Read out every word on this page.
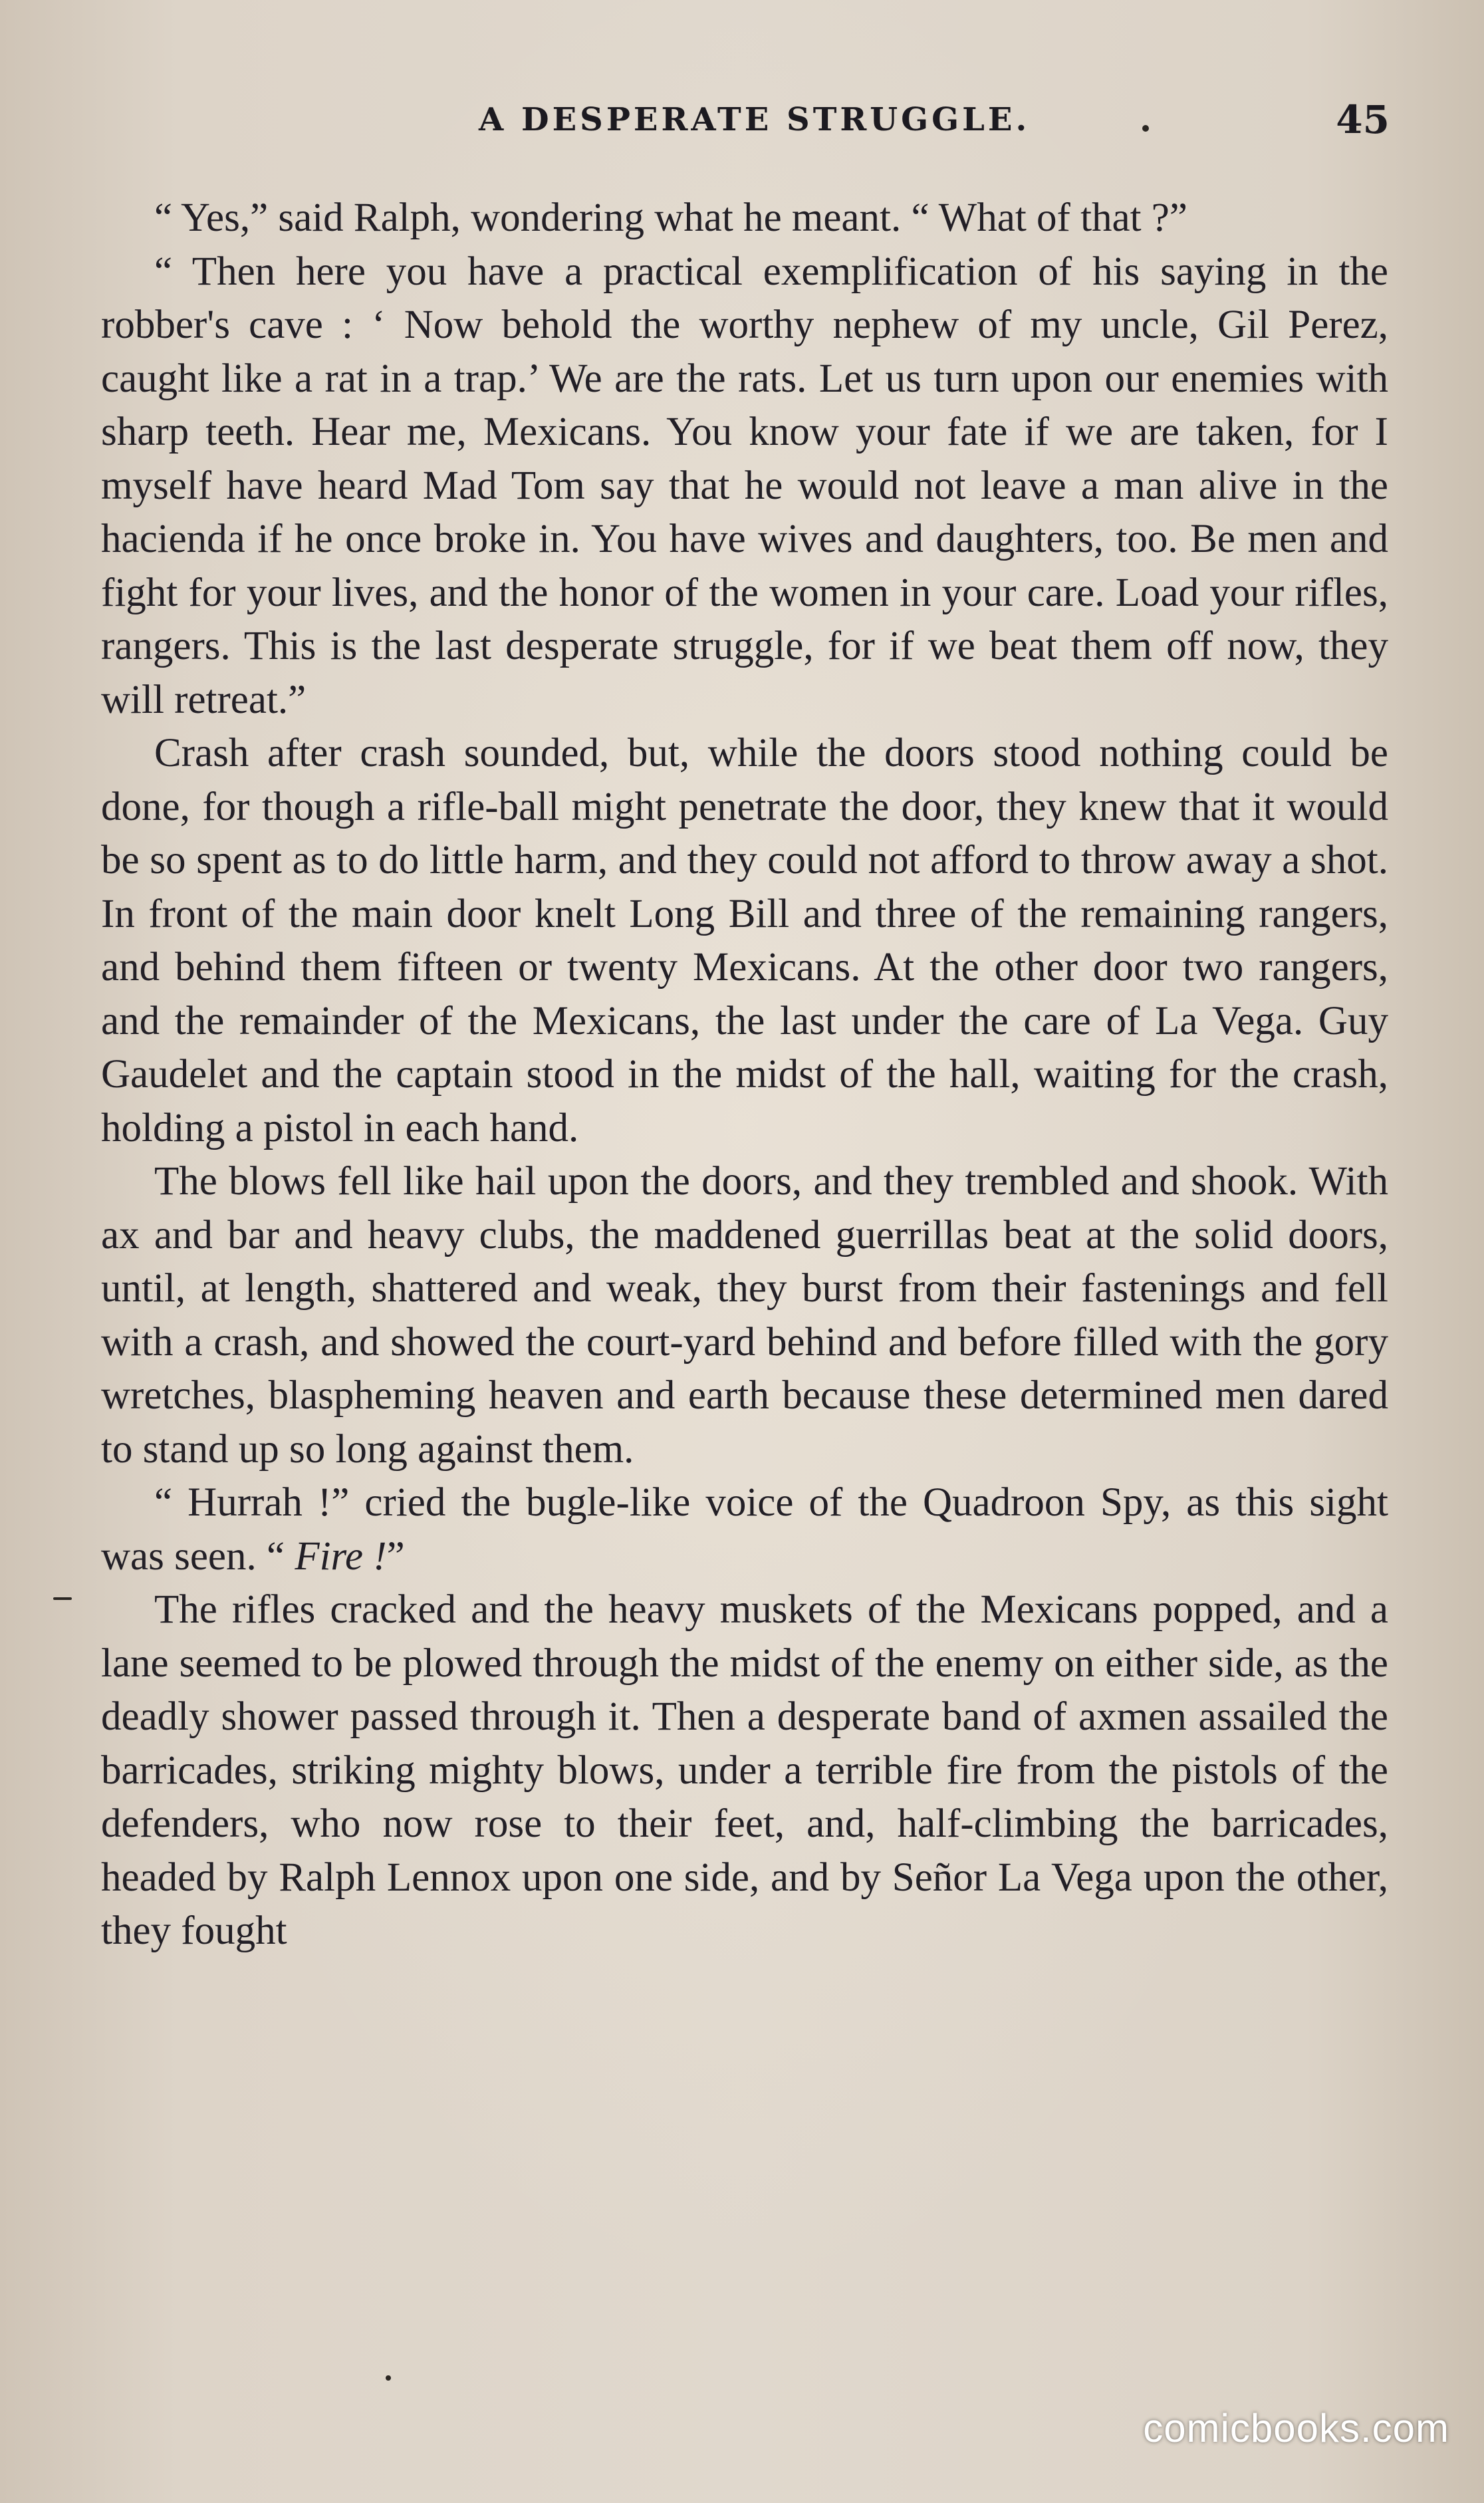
A DESPERATE STRUGGLE.	45

“ Yes,” said Ralph, wondering what he meant. “ What of that ?”

“ Then here you have a practical exemplification of his saying in the robber's cave : ‘ Now behold the worthy nephew of my uncle, Gil Perez, caught like a rat in a trap.’ We are the rats. Let us turn upon our enemies with sharp teeth. Hear me, Mexicans. You know your fate if we are taken, for I myself have heard Mad Tom say that he would not leave a man alive in the hacienda if he once broke in. You have wives and daughters, too. Be men and fight for your lives, and the honor of the women in your care. Load your rifles, rangers. This is the last desperate struggle, for if we beat them off now, they will retreat.”

Crash after crash sounded, but, while the doors stood nothing could be done, for though a rifle-ball might penetrate the door, they knew that it would be so spent as to do little harm, and they could not afford to throw away a shot. In front of the main door knelt Long Bill and three of the remaining rangers, and behind them fifteen or twenty Mexicans. At the other door two rangers, and the remainder of the Mexicans, the last under the care of La Vega. Guy Gaudelet and the captain stood in the midst of the hall, waiting for the crash, holding a pistol in each hand.

The blows fell like hail upon the doors, and they trembled and shook. With ax and bar and heavy clubs, the maddened guerrillas beat at the solid doors, until, at length, shattered and weak, they burst from their fastenings and fell with a crash, and showed the court-yard behind and before filled with the gory wretches, blaspheming heaven and earth because these determined men dared to stand up so long against them.

“ Hurrah !” cried the bugle-like voice of the Quadroon Spy, as this sight was seen. “ Fire !”

The rifles cracked and the heavy muskets of the Mexicans popped, and a lane seemed to be plowed through the midst of the enemy on either side, as the deadly shower passed through it. Then a desperate band of axmen assailed the barricades, striking mighty blows, under a terrible fire from the pistols of the defenders, who now rose to their feet, and, half-climbing the barricades, headed by Ralph Lennox upon one side, and by Señor La Vega upon the other, they fought

comicbooks.com
